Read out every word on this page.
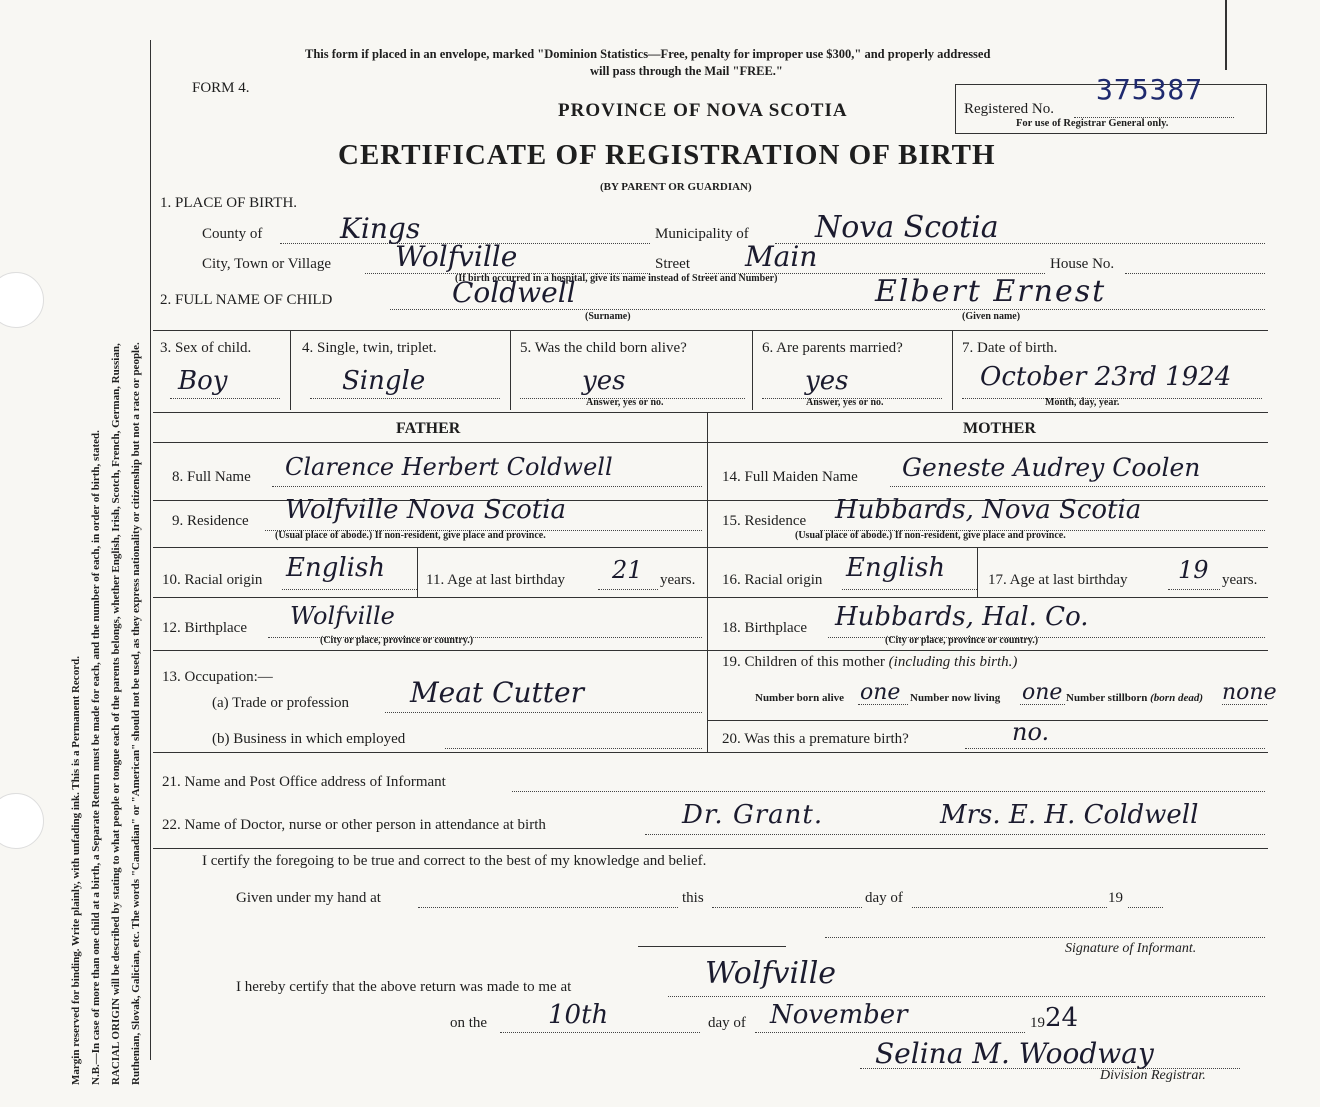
Margin reserved for binding. Write plainly, with unfading ink. This is a Permanent Record. N.B.—In case of more than one child at a birth, a Separate Return must be made for each, and the number of each, in order of birth, stated. RACIAL ORIGIN will be described by stating to what people or tongue each of the parents belongs, whether English, Irish, Scotch, French, German, Russian, Ruthenian, Slovak, Galician, etc. The words "Canadian" or "American" should not be used, as they express nationality or citizenship but not a race or people.
This form if placed in an envelope, marked "Dominion Statistics—Free, penalty for improper use $300," and properly addressed
will pass through the Mail "FREE."
FORM 4.
PROVINCE OF NOVA SCOTIA
CERTIFICATE OF REGISTRATION OF BIRTH
(BY PARENT OR GUARDIAN)
Registered No.
375387
For use of Registrar General only.
1. PLACE OF BIRTH.
County of	Kings	Municipality of Nova Scotia
City, Town or Village Wolfville	Street Main	House No.
(If birth occurred in a hospital, give its name instead of Street and Number)
2. FULL NAME OF CHILD	Coldwell
(Surname)
Elbert Ernest
(Given name)
3. Sex of child.
Boy
4. Single, twin, triplet.
Single
5. Was the child born alive?
yes
Answer, yes or no.
6. Are parents married?
yes
Answer, yes or no.
7. Date of birth.
October 23rd 1924
Month, day, year.
FATHER	MOTHER
8. Full Name Clarence Herbert Coldwell
9. Residence Wolfville Nova Scotia
(Usual place of abode.) If non-resident, give place and province.
10. Racial origin English	11. Age at last birthday 21 years.
12. Birthplace Wolfville
(City or place, province or country.)
13. Occupation:—
(a) Trade or profession Meat Cutter
(b) Business in which employed
14. Full Maiden Name Geneste Audrey Coolen
15. Residence Hubbards, Nova Scotia
(Usual place of abode.) If non-resident, give place and province.
16. Racial origin English	17. Age at last birthday 19 years.
18. Birthplace Hubbards, Hal. Co.
(City or place, province or country.)
19. Children of this mother (including this birth.)
Number born alive one Number now living one Number stillborn (born dead) none
20. Was this a premature birth?	no.
21. Name and Post Office address of Informant
22. Name of Doctor, nurse or other person in attendance at birth	Dr. Grant.	Mrs. E. H. Coldwell
I certify the foregoing to be true and correct to the best of my knowledge and belief.
Given under my hand at	this	day of	19
Signature of Informant.
I hereby certify that the above return was made to me at	Wolfville
on the 10th	day of November	19 24
Selina M. Woodway
Division Registrar.
